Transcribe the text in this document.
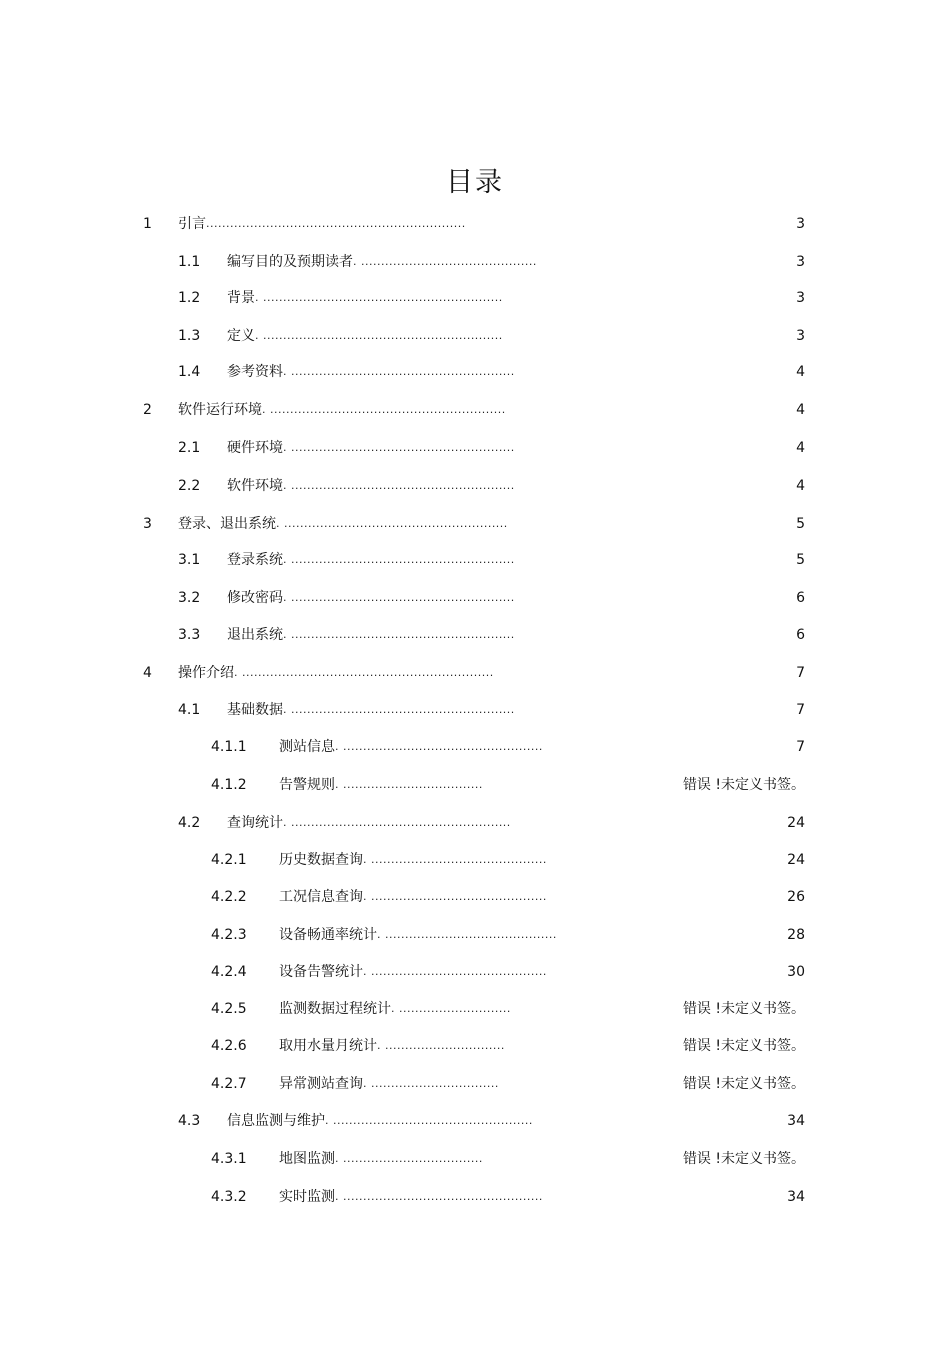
目录
1 引言 .................................................................	3
1.1 编写目的及预期读者 . ............................................	3
1.2 背景 . ............................................................	3
1.3 定义 . ............................................................	3
1.4 参考资料 . ........................................................	4
2 软件运行环境 . ...........................................................	4
2.1 硬件环境 . ........................................................	4
2.2 软件环境 . ........................................................	4
3 登录、退出系统 . ........................................................	5
3.1 登录系统 . ........................................................	5
3.2 修改密码 . ........................................................	6
3.3 退出系统 . ........................................................	6
4 操作介绍 . ...............................................................	7
4.1 基础数据 . ........................................................	7
4.1.1 测站信息 . ..................................................	7
4.1.2 告警规则 . ...................................	错误 !未定义书签。
4.2 查询统计 . .......................................................	24
4.2.1 历史数据查询 . ............................................	24
4.2.2 工况信息查询 . ............................................	26
4.2.3 设备畅通率统计 . ...........................................	28
4.2.4 设备告警统计 . ............................................	30
4.2.5 监测数据过程统计 . ............................	错误 !未定义书签。
4.2.6 取用水量月统计 . ..............................	错误 !未定义书签。
4.2.7 异常测站查询 . ................................	错误 !未定义书签。
4.3 信息监测与维护 . ..................................................	34
4.3.1 地图监测 . ...................................	错误 !未定义书签。
4.3.2 实时监测 . ..................................................	34
